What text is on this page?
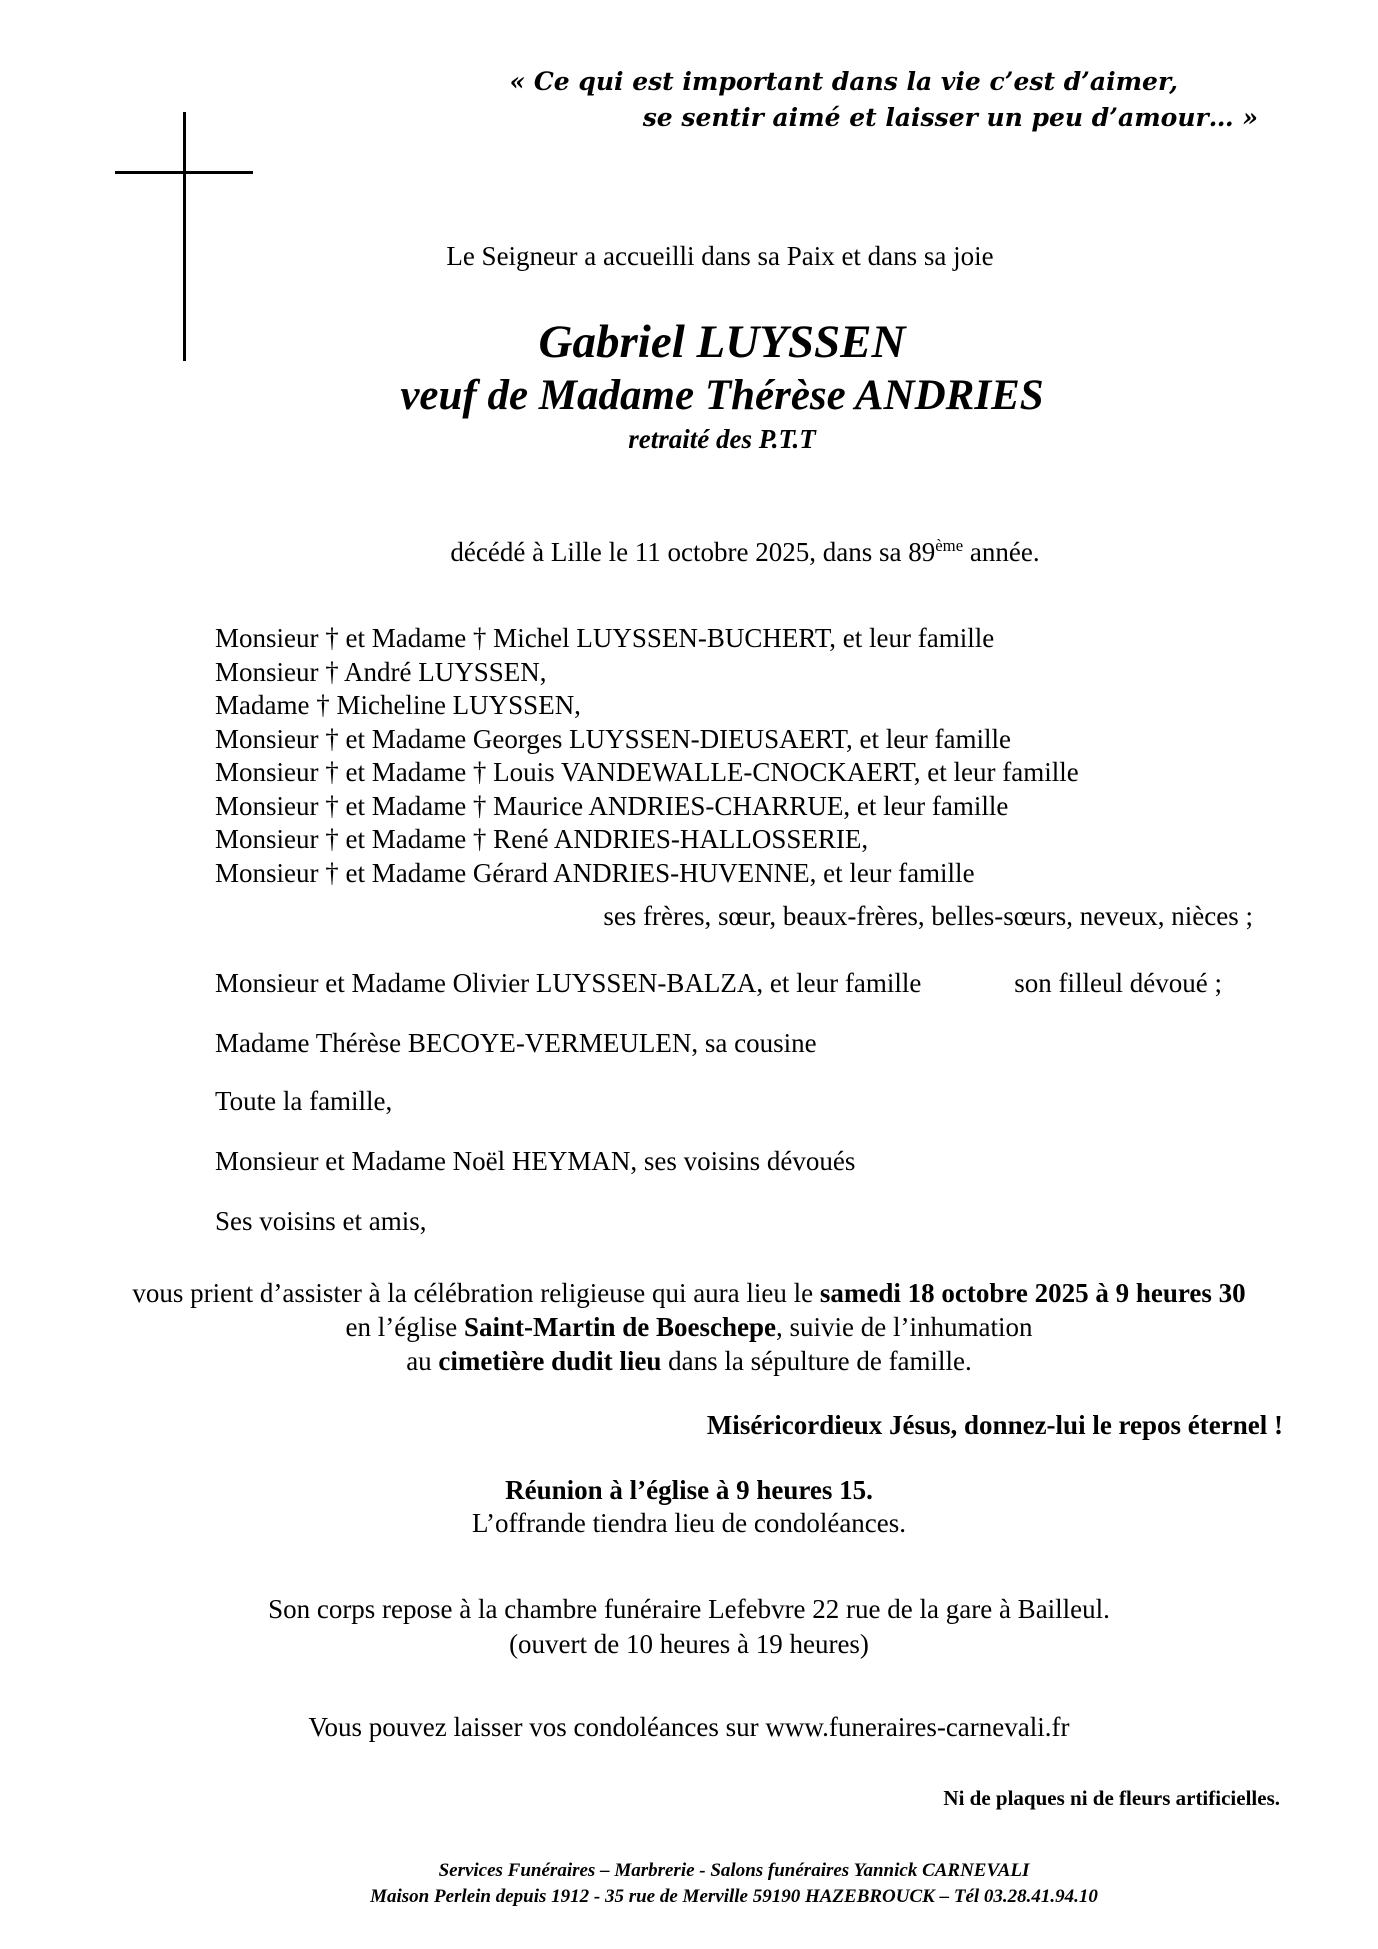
« Ce qui est important dans la vie c’est d’aimer,
se sentir aimé et laisser un peu d’amour… »
Le Seigneur a accueilli dans sa Paix et dans sa joie
Gabriel LUYSSEN
veuf de Madame Thérèse ANDRIES
retraité des P.T.T
décédé à Lille le 11 octobre 2025, dans sa 89ème année.
Monsieur † et Madame † Michel LUYSSEN-BUCHERT, et leur famille
Monsieur † André LUYSSEN,
Madame † Micheline LUYSSEN,
Monsieur † et Madame Georges LUYSSEN-DIEUSAERT, et leur famille
Monsieur † et Madame † Louis VANDEWALLE-CNOCKAERT, et leur famille
Monsieur † et Madame † Maurice ANDRIES-CHARRUE, et leur famille
Monsieur † et Madame † René ANDRIES-HALLOSSERIE,
Monsieur † et Madame Gérard ANDRIES-HUVENNE, et leur famille
ses frères, sœur, beaux-frères, belles-sœurs, neveux, nièces ;
Monsieur et Madame Olivier LUYSSEN-BALZA, et leur famille	son filleul dévoué ;
Madame Thérèse BECOYE-VERMEULEN, sa cousine
Toute la famille,
Monsieur et Madame Noël HEYMAN, ses voisins dévoués
Ses voisins et amis,
vous prient d’assister à la célébration religieuse qui aura lieu le samedi 18 octobre 2025 à 9 heures 30
en l’église Saint-Martin de Boeschepe, suivie de l’inhumation
au cimetière dudit lieu dans la sépulture de famille.
Miséricordieux Jésus, donnez-lui le repos éternel !
Réunion à l’église à 9 heures 15.
L’offrande tiendra lieu de condoléances.
Son corps repose à la chambre funéraire Lefebvre 22 rue de la gare à Bailleul.
(ouvert de 10 heures à 19 heures)
Vous pouvez laisser vos condoléances sur www.funeraires-carnevali.fr
Ni de plaques ni de fleurs artificielles.
Services Funéraires – Marbrerie - Salons funéraires Yannick CARNEVALI
Maison Perlein depuis 1912 - 35 rue de Merville 59190 HAZEBROUCK – Tél 03.28.41.94.10
